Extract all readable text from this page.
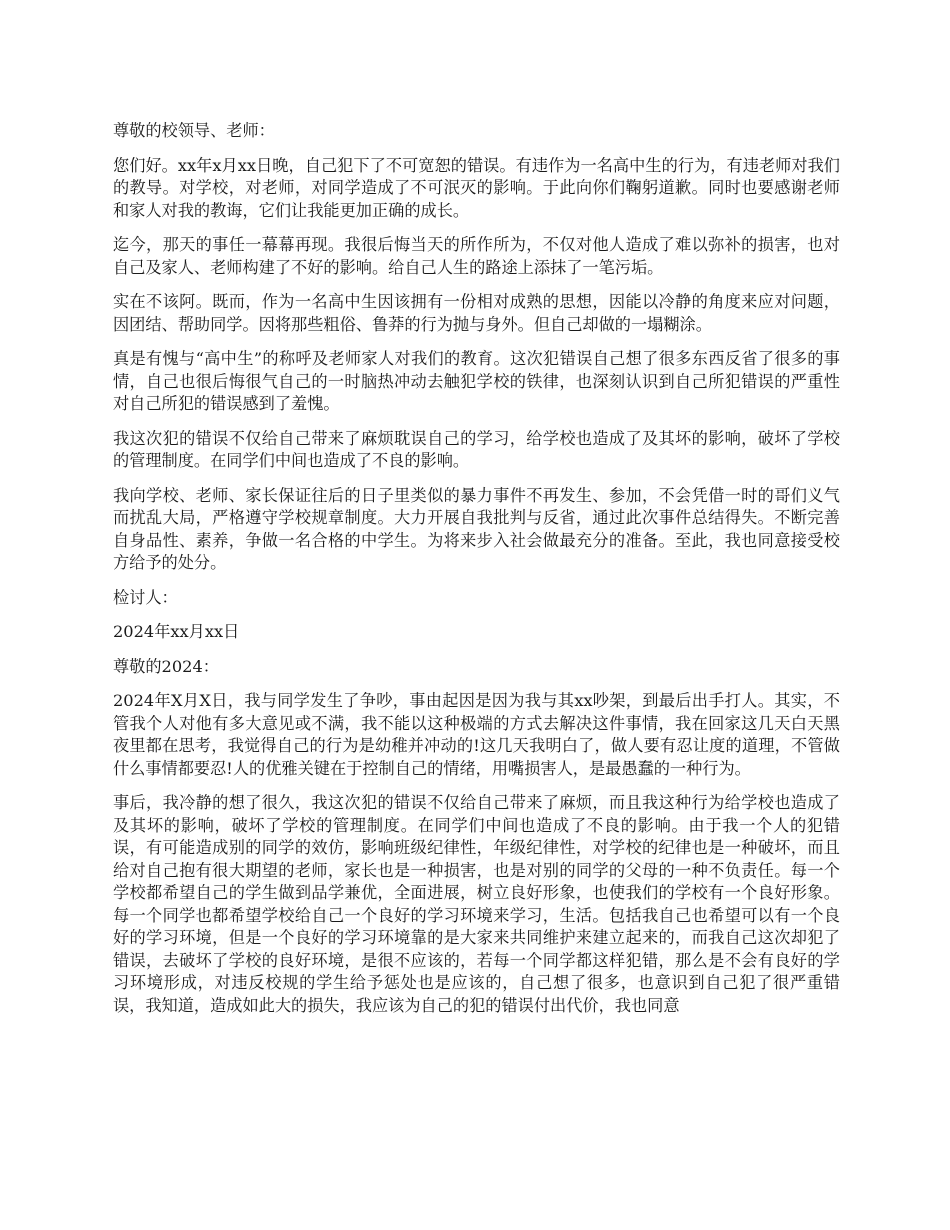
尊敬的校领导、老师：

您们好。xx年x月xx日晚，自己犯下了不可宽恕的错误。有违作为一名高中生的行为，有违老师对我们的教导。对学校，对老师，对同学造成了不可泯灭的影响。于此向你们鞠躬道歉。同时也要感谢老师和家人对我的教诲，它们让我能更加正确的成长。

迄今，那天的事任一幕幕再现。我很后悔当天的所作所为，不仅对他人造成了难以弥补的损害，也对自己及家人、老师构建了不好的影响。给自己人生的路途上添抹了一笔污垢。

实在不该阿。既而，作为一名高中生因该拥有一份相对成熟的思想，因能以冷静的角度来应对问题，因团结、帮助同学。因将那些粗俗、鲁莽的行为抛与身外。但自己却做的一塌糊涂。

真是有愧与“高中生”的称呼及老师家人对我们的教育。这次犯错误自己想了很多东西反省了很多的事情，自己也很后悔很气自己的一时脑热冲动去触犯学校的铁律，也深刻认识到自己所犯错误的严重性对自己所犯的错误感到了羞愧。

我这次犯的错误不仅给自己带来了麻烦耽误自己的学习，给学校也造成了及其坏的影响，破坏了学校的管理制度。在同学们中间也造成了不良的影响。

我向学校、老师、家长保证往后的日子里类似的暴力事件不再发生、参加，不会凭借一时的哥们义气而扰乱大局，严格遵守学校规章制度。大力开展自我批判与反省，通过此次事件总结得失。不断完善自身品性、素养，争做一名合格的中学生。为将来步入社会做最充分的准备。至此，我也同意接受校方给予的处分。

检讨人：

2024年xx月xx日

尊敬的2024：

2024年X月X日，我与同学发生了争吵，事由起因是因为我与其xx吵架，到最后出手打人。其实，不管我个人对他有多大意见或不满，我不能以这种极端的方式去解决这件事情，我在回家这几天白天黑夜里都在思考，我觉得自己的行为是幼稚并冲动的!这几天我明白了，做人要有忍让度的道理，不管做什么事情都要忍!人的优雅关键在于控制自己的情绪，用嘴损害人，是最愚蠢的一种行为。

事后，我冷静的想了很久，我这次犯的错误不仅给自己带来了麻烦，而且我这种行为给学校也造成了及其坏的影响，破坏了学校的管理制度。在同学们中间也造成了不良的影响。由于我一个人的犯错误，有可能造成别的同学的效仿，影响班级纪律性，年级纪律性，对学校的纪律也是一种破坏，而且给对自己抱有很大期望的老师，家长也是一种损害，也是对别的同学的父母的一种不负责任。每一个学校都希望自己的学生做到品学兼优，全面进展，树立良好形象，也使我们的学校有一个良好形象。每一个同学也都希望学校给自己一个良好的学习环境来学习，生活。包括我自己也希望可以有一个良好的学习环境，但是一个良好的学习环境靠的是大家来共同维护来建立起来的，而我自己这次却犯了错误，去破坏了学校的良好环境，是很不应该的，若每一个同学都这样犯错，那么是不会有良好的学习环境形成，对违反校规的学生给予惩处也是应该的，自己想了很多，也意识到自己犯了很严重错误，我知道，造成如此大的损失，我应该为自己的犯的错误付出代价，我也同意
